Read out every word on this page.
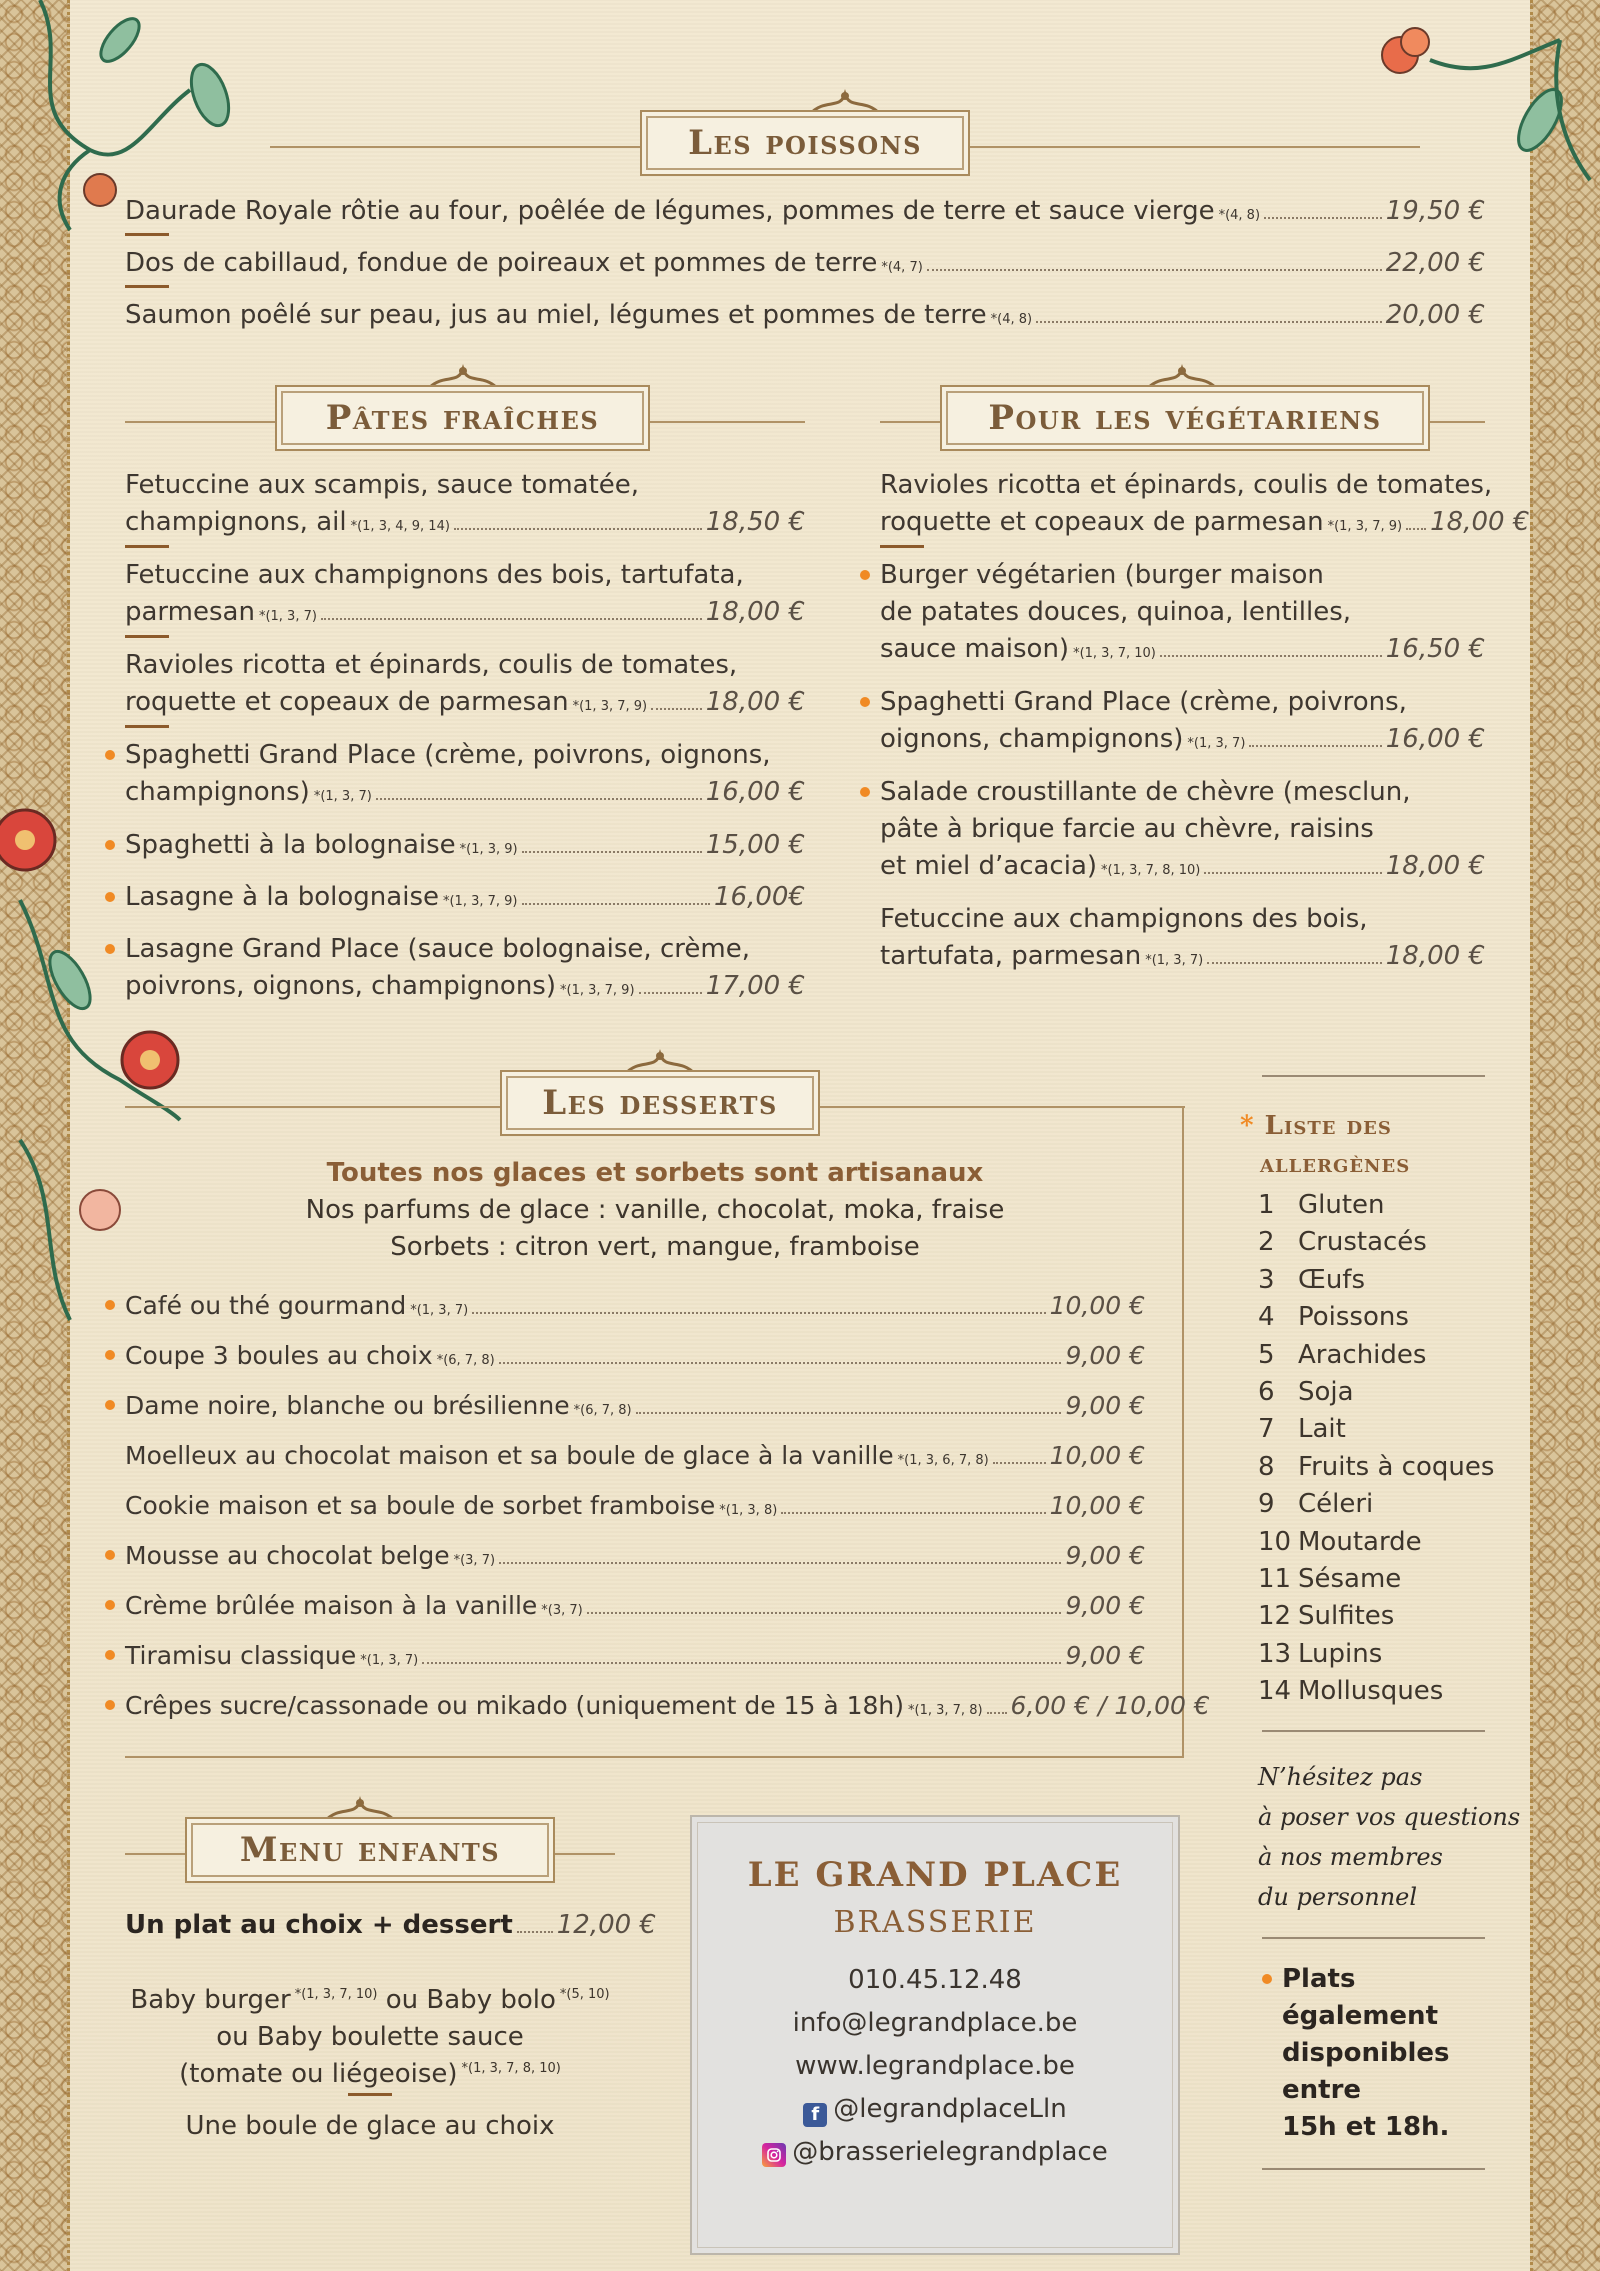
Les poissons
Pâtes fraîches	Pour les végétariens
Les desserts
Toutes nos glaces et sorbets sont artisanaux
Nos parfums de glace : vanille, chocolat, moka, fraise
Sorbets : citron vert, mangue, framboise
* Liste des
allergènes
Menu enfants
Un plat au choix + dessert 12,00 €
Baby burger $^{*(1, 3, 7, 10)}$ ou Baby bolo $^{*(5, 10)}$
ou Baby boulette sauce
(tomate ou liégeoise) $^{*(1, 3, 7, 8, 10)}$
Une boule de glace au choix
LE GRAND PLACE
BRASSERIE
010.45.12.48
info@legrandplace.be
www.legrandplace.be
f @legrandplaceLln
@brasserielegrandplace
Daurade Royale rôtie au four, poêlée de légumes, pommes de terre et sauce vierge *(4, 8)	19,50 €
Dos de cabillaud, fondue de poireaux et pommes de terre *(4, 7)	22,00 €
Saumon poêlé sur peau, jus au miel, légumes et pommes de terre *(4, 8)	20,00 €
Fetuccine aux scampis, sauce tomatée,
champignons, ail *(1, 3, 4, 9, 14)	18,50 €
Fetuccine aux champignons des bois, tartufata,
parmesan *(1, 3, 7)	18,00 €
Ravioles ricotta et épinards, coulis de tomates,
roquette et copeaux de parmesan *(1, 3, 7, 9) 18,00 €
Spaghetti Grand Place (crème, poivrons, oignons,
champignons) *(1, 3, 7)	16,00 €
Spaghetti à la bolognaise *(1, 3, 9)	15,00 €
Lasagne à la bolognaise *(1, 3, 7, 9)	16,00€
Lasagne Grand Place (sauce bolognaise, crème,
poivrons, oignons, champignons) *(1, 3, 7, 9)	17,00 €
Ravioles ricotta et épinards, coulis de tomates,
roquette et copeaux de parmesan *(1, 3, 7, 9) 18,00 €
Burger végétarien (burger maison
de patates douces, quinoa, lentilles,
sauce maison) *(1, 3, 7, 10)	16,50 €
Spaghetti Grand Place (crème, poivrons,
oignons, champignons) *(1, 3, 7)	16,00 €
Salade croustillante de chèvre (mesclun,
pâte à brique farcie au chèvre, raisins
et miel d’acacia) *(1, 3, 7, 8, 10)	18,00 €
Fetuccine aux champignons des bois,
tartufata, parmesan *(1, 3, 7)	18,00 €
Café ou thé gourmand *(1, 3, 7)	10,00 €
Coupe 3 boules au choix *(6, 7, 8)	9,00 €
Dame noire, blanche ou brésilienne *(6, 7, 8)	9,00 €
Moelleux au chocolat maison et sa boule de glace à la vanille *(1, 3, 6, 7, 8) 10,00 €
Cookie maison et sa boule de sorbet framboise *(1, 3, 8)	10,00 €
Mousse au chocolat belge *(3, 7)	9,00 €
Crème brûlée maison à la vanille *(3, 7)	9,00 €
Tiramisu classique *(1, 3, 7)	9,00 €
Crêpes sucre/cassonade ou mikado (uniquement de 15 à 18h) *(1, 3, 7, 8) 6,00 € / 10,00 €
1 Gluten
2 Crustacés
3 Œufs
4 Poissons
5 Arachides
6 Soja
7 Lait
8 Fruits à coques
9 Céleri
10 Moutarde
11 Sésame
12 Sulfites
13 Lupins
14 Mollusques
N’hésitez pas
à poser vos questions
à nos membres
du personnel
Plats
également
disponibles
entre
15h et 18h.
